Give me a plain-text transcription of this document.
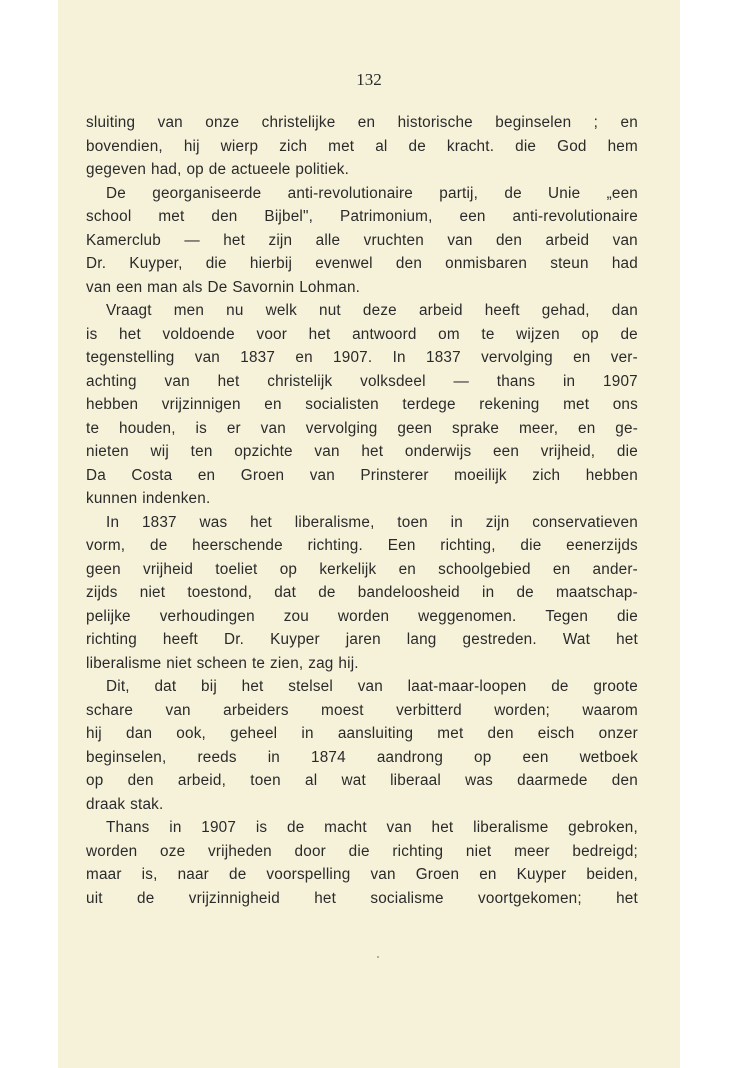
132
sluiting van onze christelijke en historische beginselen ; en
bovendien, hij wierp zich met al de kracht. die God hem
gegeven had, op de actueele politiek.
De georganiseerde anti-revolutionaire partij, de Unie „een
school met den Bijbel", Patrimonium, een anti-revolutionaire
Kamerclub — het zijn alle vruchten van den arbeid van
Dr. Kuyper, die hierbij evenwel den onmisbaren steun had
van een man als De Savornin Lohman.
Vraagt men nu welk nut deze arbeid heeft gehad, dan
is het voldoende voor het antwoord om te wijzen op de
tegenstelling van 1837 en 1907. In 1837 vervolging en ver-
achting van het christelijk volksdeel — thans in 1907
hebben vrijzinnigen en socialisten terdege rekening met ons
te houden, is er van vervolging geen sprake meer, en ge-
nieten wij ten opzichte van het onderwijs een vrijheid, die
Da Costa en Groen van Prinsterer moeilijk zich hebben
kunnen indenken.
In 1837 was het liberalisme, toen in zijn conservatieven
vorm, de heerschende richting. Een richting, die eenerzijds
geen vrijheid toeliet op kerkelijk en schoolgebied en ander-
zijds niet toestond, dat de bandeloosheid in de maatschap-
pelijke verhoudingen zou worden weggenomen. Tegen die
richting heeft Dr. Kuyper jaren lang gestreden. Wat het
liberalisme niet scheen te zien, zag hij.
Dit, dat bij het stelsel van laat-maar-loopen de groote
schare van arbeiders moest verbitterd worden; waarom
hij dan ook, geheel in aansluiting met den eisch onzer
beginselen, reeds in 1874 aandrong op een wetboek
op den arbeid, toen al wat liberaal was daarmede den
draak stak.
Thans in 1907 is de macht van het liberalisme gebroken,
worden oze vrijheden door die richting niet meer bedreigd;
maar is, naar de voorspelling van Groen en Kuyper beiden,
uit de vrijzinnigheid het socialisme voortgekomen; het
